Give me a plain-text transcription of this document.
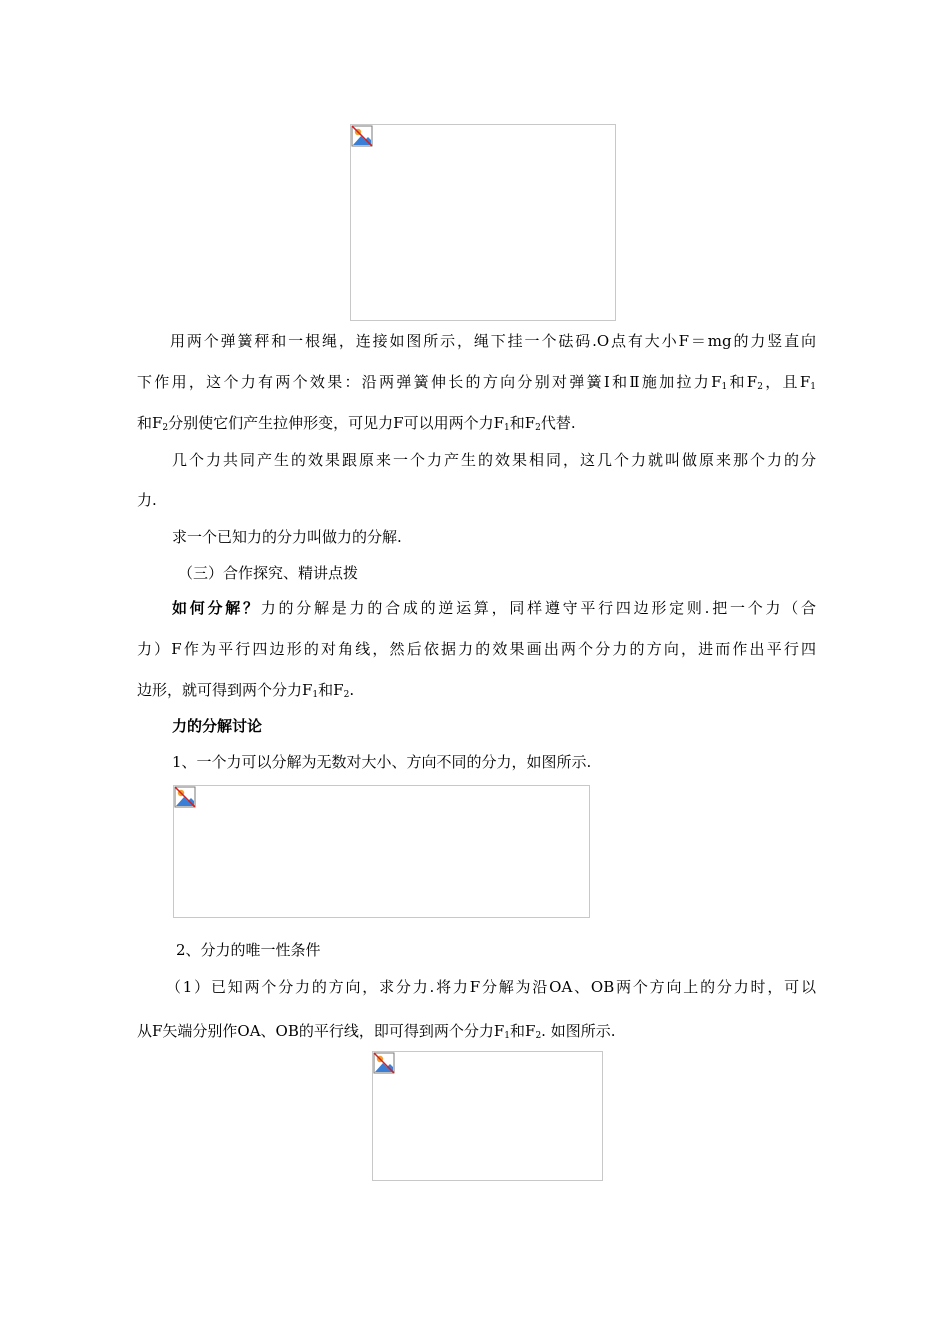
用两个弹簧秤和一根绳，连接如图所示，绳下挂一个砝码.O点有大小F＝mg的力竖直向
下作用，这个力有两个效果：沿两弹簧伸长的方向分别对弹簧Ⅰ和Ⅱ施加拉力$F_1$和$F_2$，且$F_1$
和$F_2$分别使它们产生拉伸形变，可见力F可以用两个力$F_1$和$F_2$代替.
几个力共同产生的效果跟原来一个力产生的效果相同，这几个力就叫做原来那个力的分
力.
求一个已知力的分力叫做力的分解.
（三）合作探究、精讲点拨
如何分解？力的分解是力的合成的逆运算，同样遵守平行四边形定则.把一个力（合
力）F作为平行四边形的对角线，然后依据力的效果画出两个分力的方向，进而作出平行四
边形，就可得到两个分力$F_1$和$F_2$.
力的分解讨论
1、一个力可以分解为无数对大小、方向不同的分力，如图所示.
2、分力的唯一性条件
（1）已知两个分力的方向，求分力.将力F分解为沿OA、OB两个方向上的分力时，可以
从F矢端分别作OA、OB的平行线，即可得到两个分力$F_1$和$F_2$. 如图所示.
